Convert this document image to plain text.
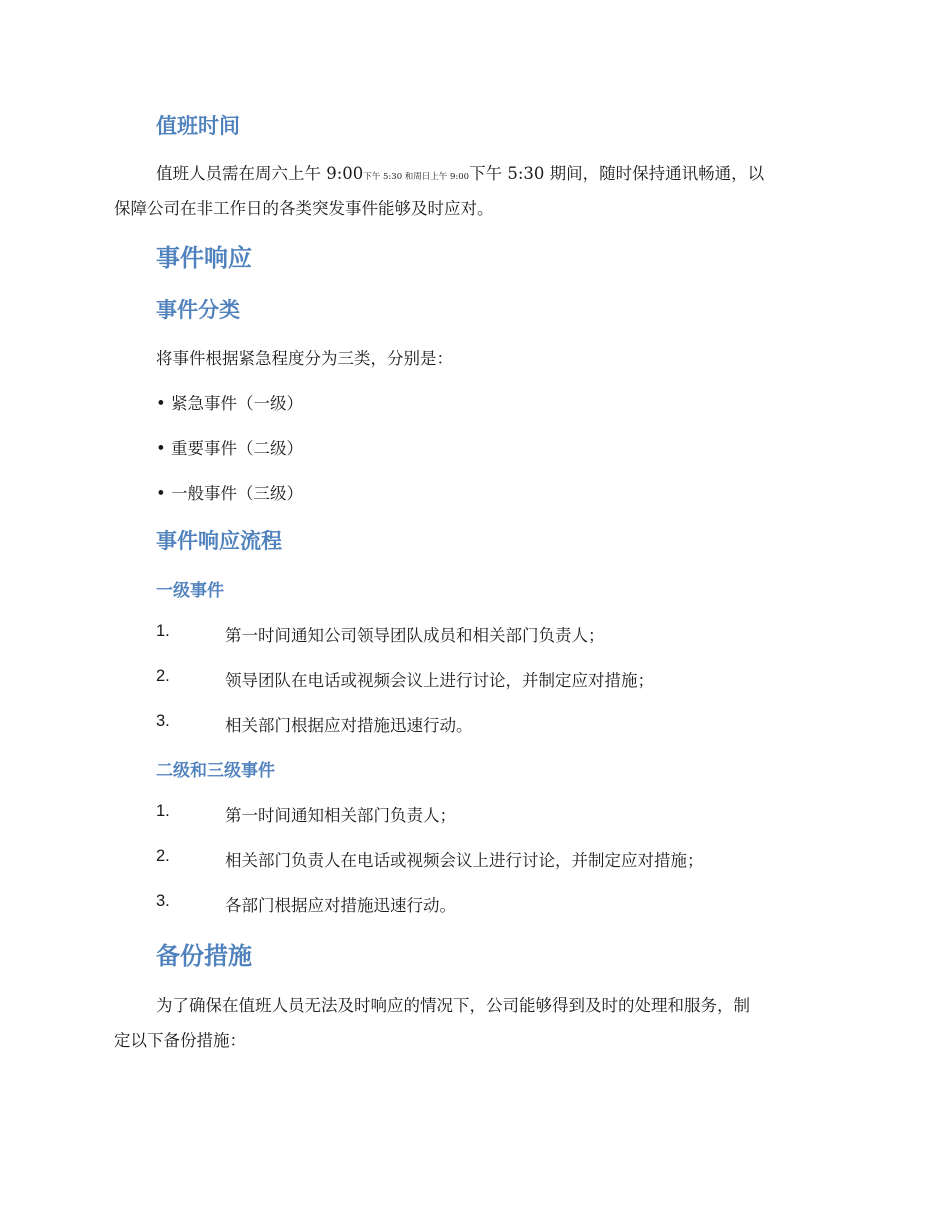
值班时间
值班人员需在周六上午 9:00下午 5:30 和周日上午 9:00下午 5:30 期间，随时保持通讯畅通，以
保障公司在非工作日的各类突发事件能够及时应对。
事件响应
事件分类
将事件根据紧急程度分为三类，分别是：
• 紧急事件（一级）
• 重要事件（二级）
• 一般事件（三级）
事件响应流程
一级事件
1.	第一时间通知公司领导团队成员和相关部门负责人；
2.	领导团队在电话或视频会议上进行讨论，并制定应对措施；
3.	相关部门根据应对措施迅速行动。
二级和三级事件
1.	第一时间通知相关部门负责人；
2.	相关部门负责人在电话或视频会议上进行讨论，并制定应对措施；
3.	各部门根据应对措施迅速行动。
备份措施
为了确保在值班人员无法及时响应的情况下，公司能够得到及时的处理和服务，制
定以下备份措施：
